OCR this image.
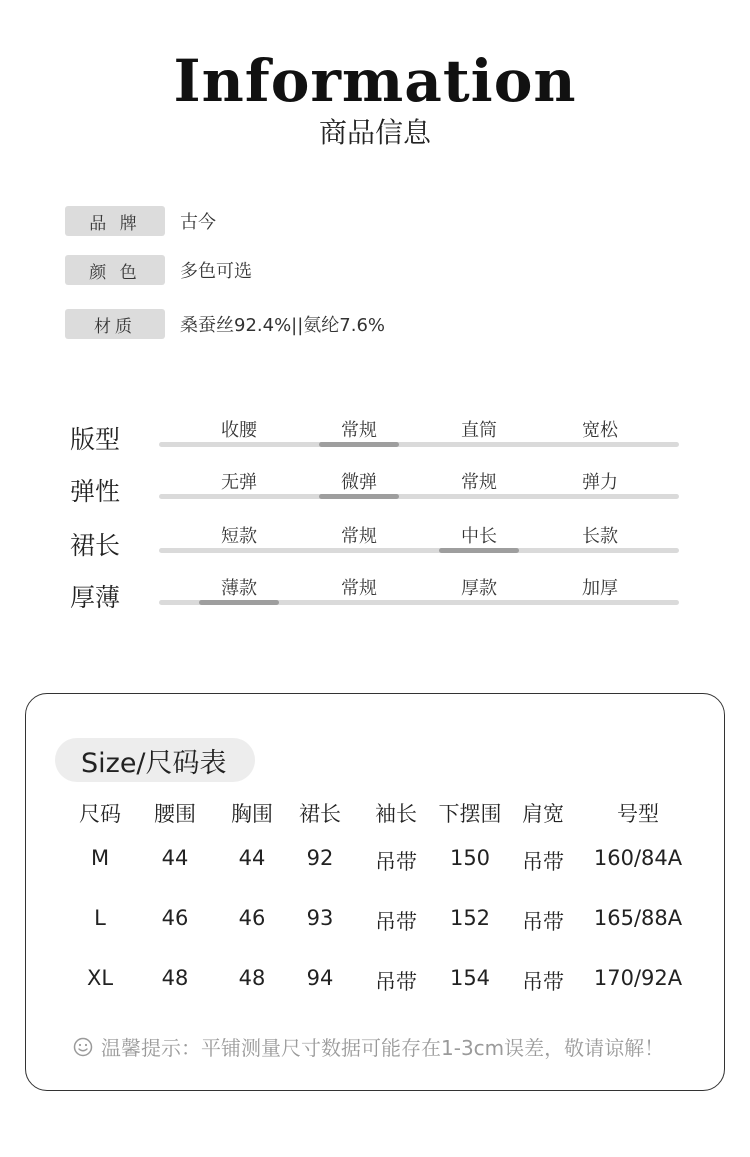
Information
商品信息
品 牌	古今
颜 色	多色可选
材质	桑蚕丝92.4%||氨纶7.6%
版型	收腰	常规	直筒	宽松
弹性	无弹	微弹	常规	弹力
裙长	短款	常规	中长	长款
厚薄	薄款	常规	厚款	加厚
Size/尺码表
尺码 腰围 胸围 裙长 袖长 下摆围 肩宽	号型
M	44 44 92 吊带 150 吊带 160/84A
L	46 46 93 吊带 152 吊带 165/88A
XL 48 48 94 吊带 154 吊带 170/92A
温馨提示：平铺测量尺寸数据可能存在1-3cm误差，敬请谅解！
